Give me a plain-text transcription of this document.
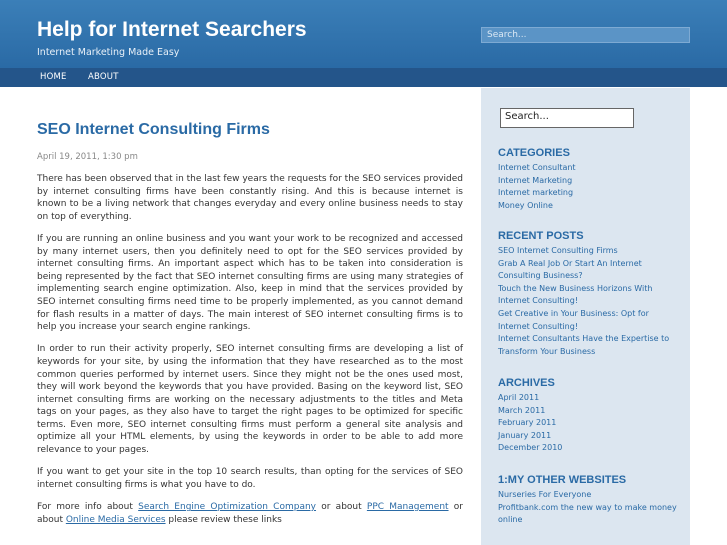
Help for Internet Searchers
Internet Marketing Made Easy
Search...
HOME	ABOUT
SEO Internet Consulting Firms
April 19, 2011, 1:30 pm

There has been observed that in the last few years the requests for the SEO services provided by internet consulting firms have been constantly rising. And this is because internet is known to be a living network that changes everyday and every online business needs to stay on top of everything.

If you are running an online business and you want your work to be recognized and accessed by many internet users, then you definitely need to opt for the SEO services provided by internet consulting firms. An important aspect which has to be taken into consideration is being represented by the fact that SEO internet consulting firms are using many strategies of implementing search engine optimization. Also, keep in mind that the services provided by SEO internet consulting firms need time to be properly implemented, as you cannot demand for flash results in a matter of days. The main interest of SEO internet consulting firms is to help you increase your search engine rankings.

In order to run their activity properly, SEO internet consulting firms are developing a list of keywords for your site, by using the information that they have researched as to the most common queries performed by internet users. Since they might not be the ones used most, they will work beyond the keywords that you have provided. Basing on the keyword list, SEO internet consulting firms are working on the necessary adjustments to the titles and Meta tags on your pages, as they also have to target the right pages to be optimized for specific terms. Even more, SEO internet consulting firms must perform a general site analysis and optimize all your HTML elements, by using the keywords in order to be able to add more relevance to your pages.

If you want to get your site in the top 10 search results, than opting for the services of SEO internet consulting firms is what you have to do.

For more info about Search Engine Optimization Company or about PPC Management or about Online Media Services please review these links

Search...
CATEGORIES
Internet Consultant
Internet Marketing
Internet marketing
Money Online
RECENT POSTS
SEO Internet Consulting Firms
Grab A Real Job Or Start An Internet Consulting Business?
Touch the New Business Horizons With Internet Consulting!
Get Creative in Your Business: Opt for Internet Consulting!
Internet Consultants Have the Expertise to Transform Your Business
ARCHIVES
April 2011
March 2011
February 2011
January 2011
December 2010
1:MY OTHER WEBSITES
Nurseries For Everyone
Profitbank.com the new way to make money online
